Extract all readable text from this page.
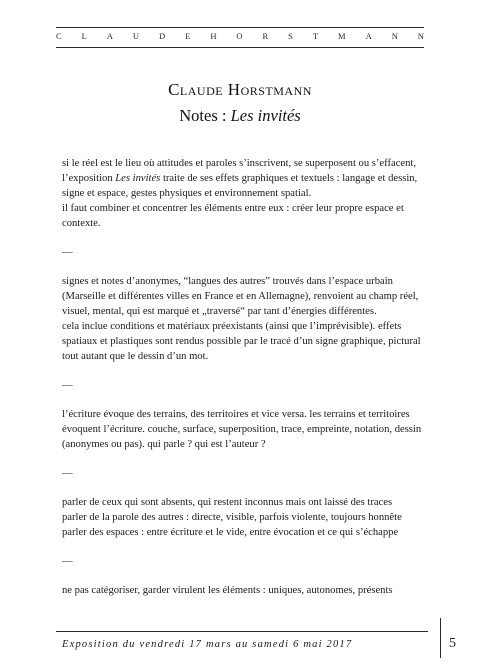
C L A U D E H O R S T M A N N
Claude Horstmann
Notes : Les invités
si le réel est le lieu où attitudes et paroles s’inscrivent, se superposent ou s’effacent,
l’exposition Les invités traite de ses effets graphiques et textuels : langage et dessin,
signe et espace, gestes physiques et environnement spatial.
il faut combiner et concentrer les éléments entre eux : créer leur propre espace et
contexte.
—
signes et notes d’anonymes, “langues des autres” trouvés dans l’espace urbain
(Marseille et différentes villes en France et en Allemagne), renvoient au champ réel,
visuel, mental, qui est marqué et „traversé“ par tant d’énergies différentes.
cela inclue conditions et matériaux préexistants (ainsi que l’imprévisible). effets
spatiaux et plastiques sont rendus possible par le tracé d’un signe graphique, pictural
tout autant que le dessin d’un mot.
—
l’écriture évoque des terrains, des territoires et vice versa. les terrains et territoires
évoquent l’écriture. couche, surface, superposition, trace, empreinte, notation, dessin
(anonymes ou pas). qui parle ? qui est l’auteur ?
—
parler de ceux qui sont absents, qui restent inconnus mais ont laissé des traces
parler de la parole des autres : directe, visible, parfois violente, toujours honnête
parler des espaces : entre écriture et le vide, entre évocation et ce qui s’échappe
—
ne pas catégoriser, garder virulent les éléments : uniques, autonomes, présents
Exposition du vendredi 17 mars au samedi 6 mai 2017	5
